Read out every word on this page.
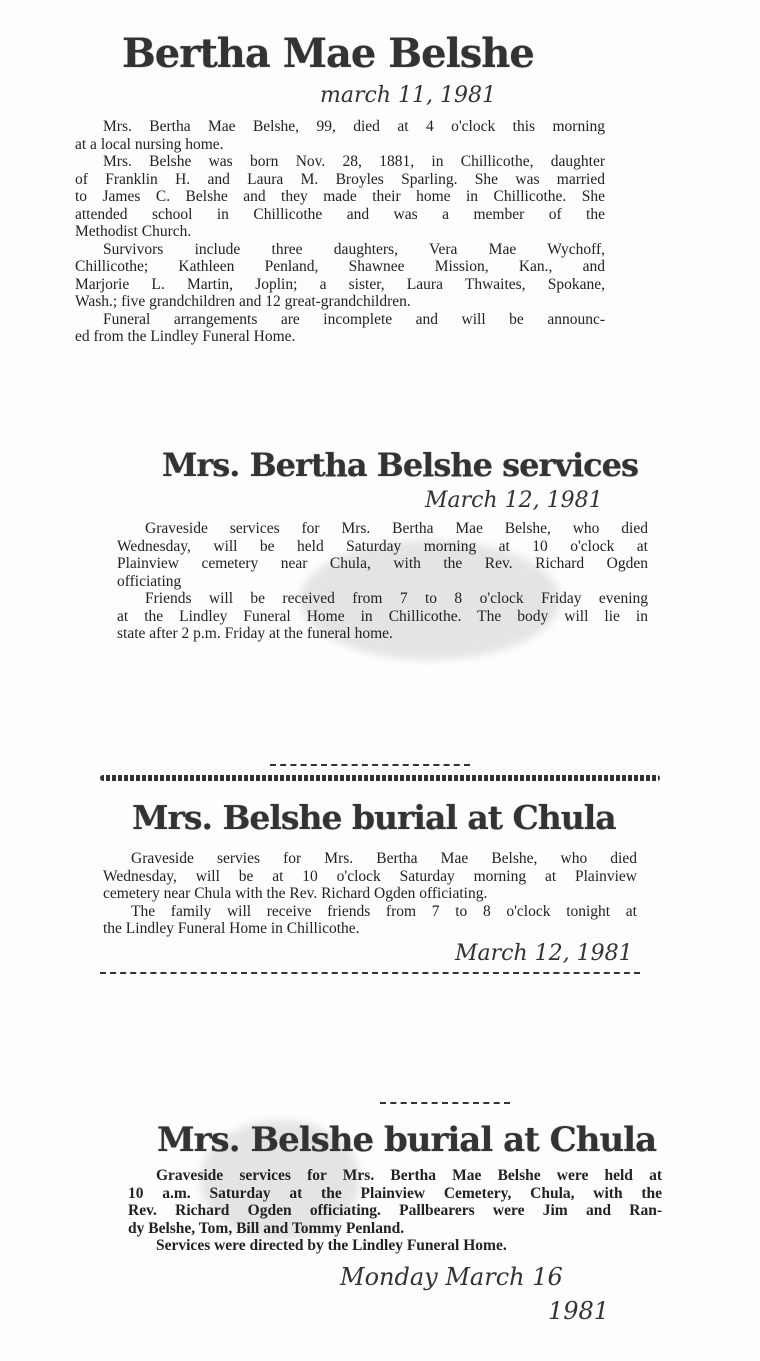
Bertha Mae Belshe
march 11, 1981
Mrs. Bertha Mae Belshe, 99, died at 4 o'clock this morning
at a local nursing home.
Mrs. Belshe was born Nov. 28, 1881, in Chillicothe, daughter
of Franklin H. and Laura M. Broyles Sparling. She was married
to James C. Belshe and they made their home in Chillicothe. She
attended school in Chillicothe and was a member of the
Methodist Church.
Survivors include three daughters, Vera Mae Wychoff,
Chillicothe; Kathleen Penland, Shawnee Mission, Kan., and
Marjorie L. Martin, Joplin; a sister, Laura Thwaites, Spokane,
Wash.; five grandchildren and 12 great-grandchildren.
Funeral arrangements are incomplete and will be announc-
ed from the Lindley Funeral Home.
Mrs. Bertha Belshe services
March 12, 1981
Graveside services for Mrs. Bertha Mae Belshe, who died
Wednesday, will be held Saturday morning at 10 o'clock at
Plainview cemetery near Chula, with the Rev. Richard Ogden
officiating
Friends will be received from 7 to 8 o'clock Friday evening
at the Lindley Funeral Home in Chillicothe. The body will lie in
state after 2 p.m. Friday at the funeral home.
Mrs. Belshe burial at Chula
Graveside servies for Mrs. Bertha Mae Belshe, who died
Wednesday, will be at 10 o'clock Saturday morning at Plainview
cemetery near Chula with the Rev. Richard Ogden officiating.
The family will receive friends from 7 to 8 o'clock tonight at
the Lindley Funeral Home in Chillicothe.
March 12, 1981
Mrs. Belshe burial at Chula
Graveside services for Mrs. Bertha Mae Belshe were held at
10 a.m. Saturday at the Plainview Cemetery, Chula, with the
Rev. Richard Ogden officiating. Pallbearers were Jim and Ran-
dy Belshe, Tom, Bill and Tommy Penland.
Services were directed by the Lindley Funeral Home.
Monday March 16
1981
